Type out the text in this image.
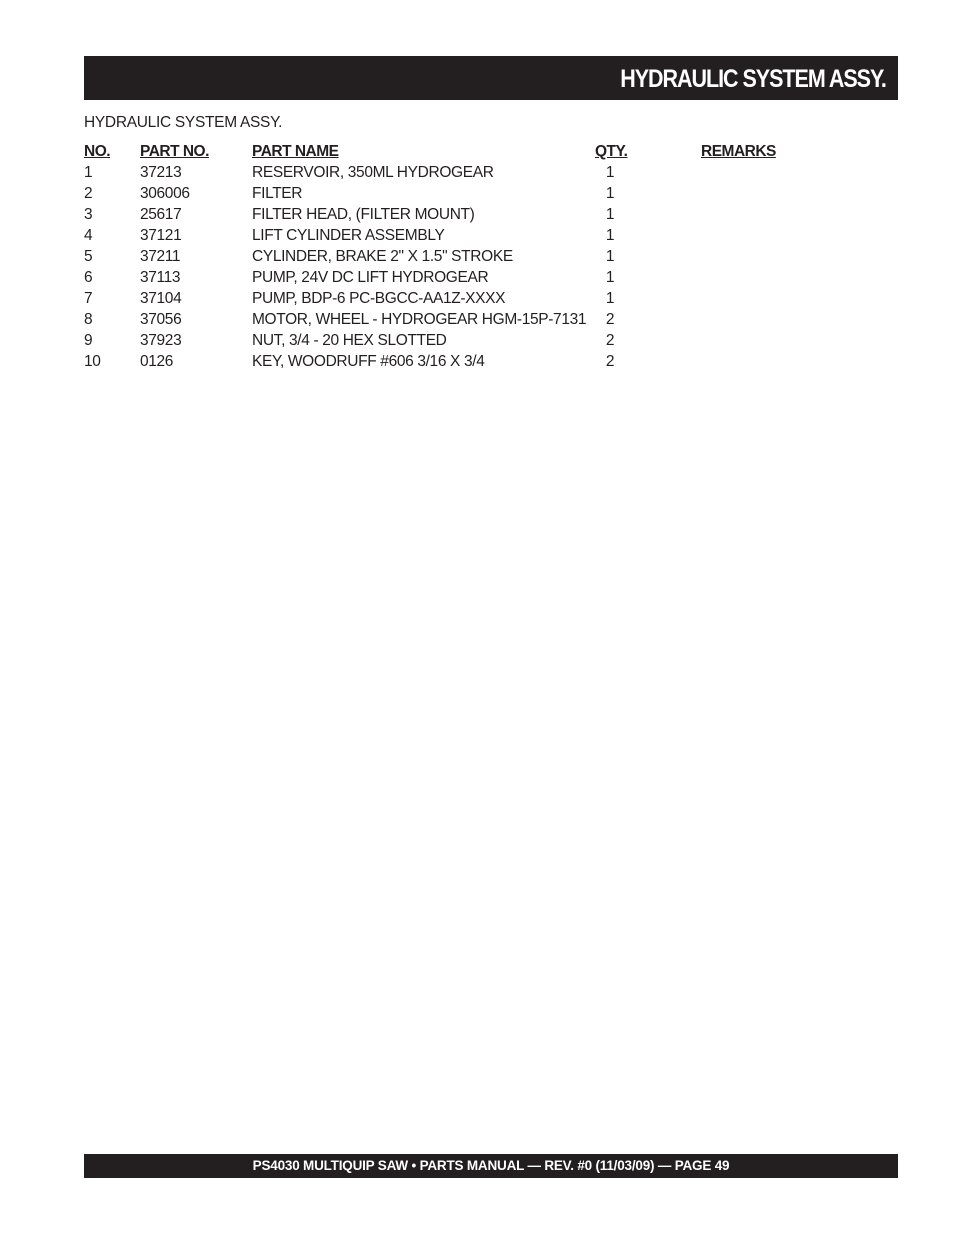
HYDRAULIC SYSTEM ASSY.
HYDRAULIC SYSTEM ASSY.
NO. PART NO.	PART NAME	QTY.	REMARKS
1	37213	RESERVOIR, 350ML HYDROGEAR	1
2	306006	FILTER	1
3	25617	FILTER HEAD, (FILTER MOUNT)	1
4	37121	LIFT CYLINDER ASSEMBLY	1
5	37211	CYLINDER, BRAKE 2" X 1.5" STROKE	1
6	37113	PUMP, 24V DC LIFT HYDROGEAR	1
7	37104	PUMP, BDP-6 PC-BGCC-AA1Z-XXXX	1
8	37056	MOTOR, WHEEL - HYDROGEAR HGM-15P-7131	2
9	37923	NUT, 3/4 - 20 HEX SLOTTED	2
10	0126	KEY, WOODRUFF #606 3/16 X 3/4	2
PS4030 MULTIQUIP SAW • PARTS MANUAL — REV. #0 (11/03/09) — PAGE 49
